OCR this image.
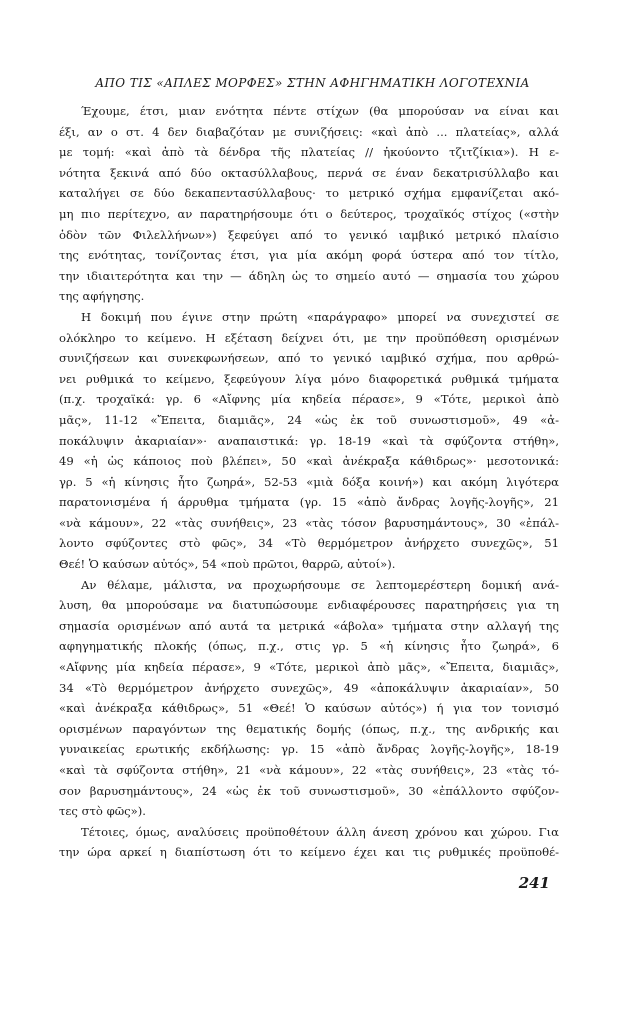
ΑΠΟ ΤΙΣ «ΑΠΛΕΣ ΜΟΡΦΕΣ» ΣΤΗΝ ΑΦΗΓΗΜΑΤΙΚΗ ΛΟΓΟΤΕΧΝΙΑ
Έχουμε, έτσι, μιαν ενότητα πέντε στίχων (θα μπορούσαν να είναι και
έξι, αν ο στ. 4 δεν διαβαζόταν με συνιζήσεις: «καὶ ἀπὸ ... πλατείας», αλλά
με τομή: «καὶ ἀπὸ τὰ δένδρα τῆς πλατείας // ἠκούοντο τζιτζίκια»). Η ε-
νότητα ξεκινά από δύο οκτασύλλαβους, περνά σε έναν δεκατρισύλλαβο και
καταλήγει σε δύο δεκαπεντασύλλαβους· το μετρικό σχήμα εμφανίζεται ακό-
μη πιο περίτεχνο, αν παρατηρήσουμε ότι ο δεύτερος, τροχαϊκός στίχος («στὴν
ὁδὸν τῶν Φιλελλήνων») ξεφεύγει από το γενικό ιαμβικό μετρικό πλαίσιο
της ενότητας, τονίζοντας έτσι, για μία ακόμη φορά ύστερα από τον τίτλο,
την ιδιαιτερότητα και την — άδηλη ὡς το σημείο αυτό — σημασία του χώρου
της αφήγησης.
Η δοκιμή που έγινε στην πρώτη «παράγραφο» μπορεί να συνεχιστεί σε
ολόκληρο το κείμενο. Η εξέταση δείχνει ότι, με την προϋπόθεση ορισμένων
συνιζήσεων και συνεκφωνήσεων, από το γενικό ιαμβικό σχήμα, που αρθρώ-
νει ρυθμικά το κείμενο, ξεφεύγουν λίγα μόνο διαφορετικά ρυθμικά τμήματα
(π.χ. τροχαϊκά: γρ. 6 «Αἴφνης μία κηδεία πέρασε», 9 «Τότε, μερικοὶ ἀπὸ
μᾶς», 11-12 «Ἔπειτα, διαμιᾶς», 24 «ὡς ἐκ τοῦ συνωστισμοῦ», 49 «ἀ-
ποκάλυψιν ἀκαριαίαν»· αναπαιστικά: γρ. 18-19 «καὶ τὰ σφύζοντα στήθη»,
49 «ἡ ὡς κάποιος ποὺ βλέπει», 50 «καὶ ἀνέκραξα κάθιδρως»· μεσοτονικά:
γρ. 5 «ἡ κίνησις ἦτο ζωηρά», 52-53 «μιὰ δόξα κοινή») και ακόμη λιγότερα
παρατονισμένα ή άρρυθμα τμήματα (γρ. 15 «ἀπὸ ἄνδρας λογῆς-λογῆς», 21
«νὰ κάμουν», 22 «τὰς συνήθεις», 23 «τὰς τόσον βαρυσημάντους», 30 «ἐπάλ-
λοντο σφύζοντες στὸ φῶς», 34 «Τὸ θερμόμετρον ἀνήρχετο συνεχῶς», 51
Θεέ! Ὁ καύσων αὐτός», 54 «ποὺ πρῶτοι, θαρρῶ, αὐτοί»).
Αν θέλαμε, μάλιστα, να προχωρήσουμε σε λεπτομερέστερη δομική ανά-
λυση, θα μπορούσαμε να διατυπώσουμε ενδιαφέρουσες παρατηρήσεις για τη
σημασία ορισμένων από αυτά τα μετρικά «άβολα» τμήματα στην αλλαγή της
αφηγηματικής πλοκής (όπως, π.χ., στις γρ. 5 «ἡ κίνησις ἦτο ζωηρά», 6
«Αἴφνης μία κηδεία πέρασε», 9 «Τότε, μερικοὶ ἀπὸ μᾶς», «Ἔπειτα, διαμιᾶς»,
34 «Τὸ θερμόμετρον ἀνήρχετο συνεχῶς», 49 «ἀποκάλυψιν ἀκαριαίαν», 50
«καὶ ἀνέκραξα κάθιδρως», 51 «Θεέ! Ὁ καύσων αὐτός») ή για τον τονισμό
ορισμένων παραγόντων της θεματικής δομής (όπως, π.χ., της ανδρικής και
γυναικείας ερωτικής εκδήλωσης: γρ. 15 «ἀπὸ ἄνδρας λογῆς-λογῆς», 18-19
«καὶ τὰ σφύζοντα στήθη», 21 «νὰ κάμουν», 22 «τὰς συνήθεις», 23 «τὰς τό-
σον βαρυσημάντους», 24 «ὡς ἐκ τοῦ συνωστισμοῦ», 30 «ἐπάλλοντο σφύζον-
τες στὸ φῶς»).
Τέτοιες, όμως, αναλύσεις προϋποθέτουν άλλη άνεση χρόνου και χώρου. Για
την ώρα αρκεί η διαπίστωση ότι το κείμενο έχει και τις ρυθμικές προϋποθέ-
241
